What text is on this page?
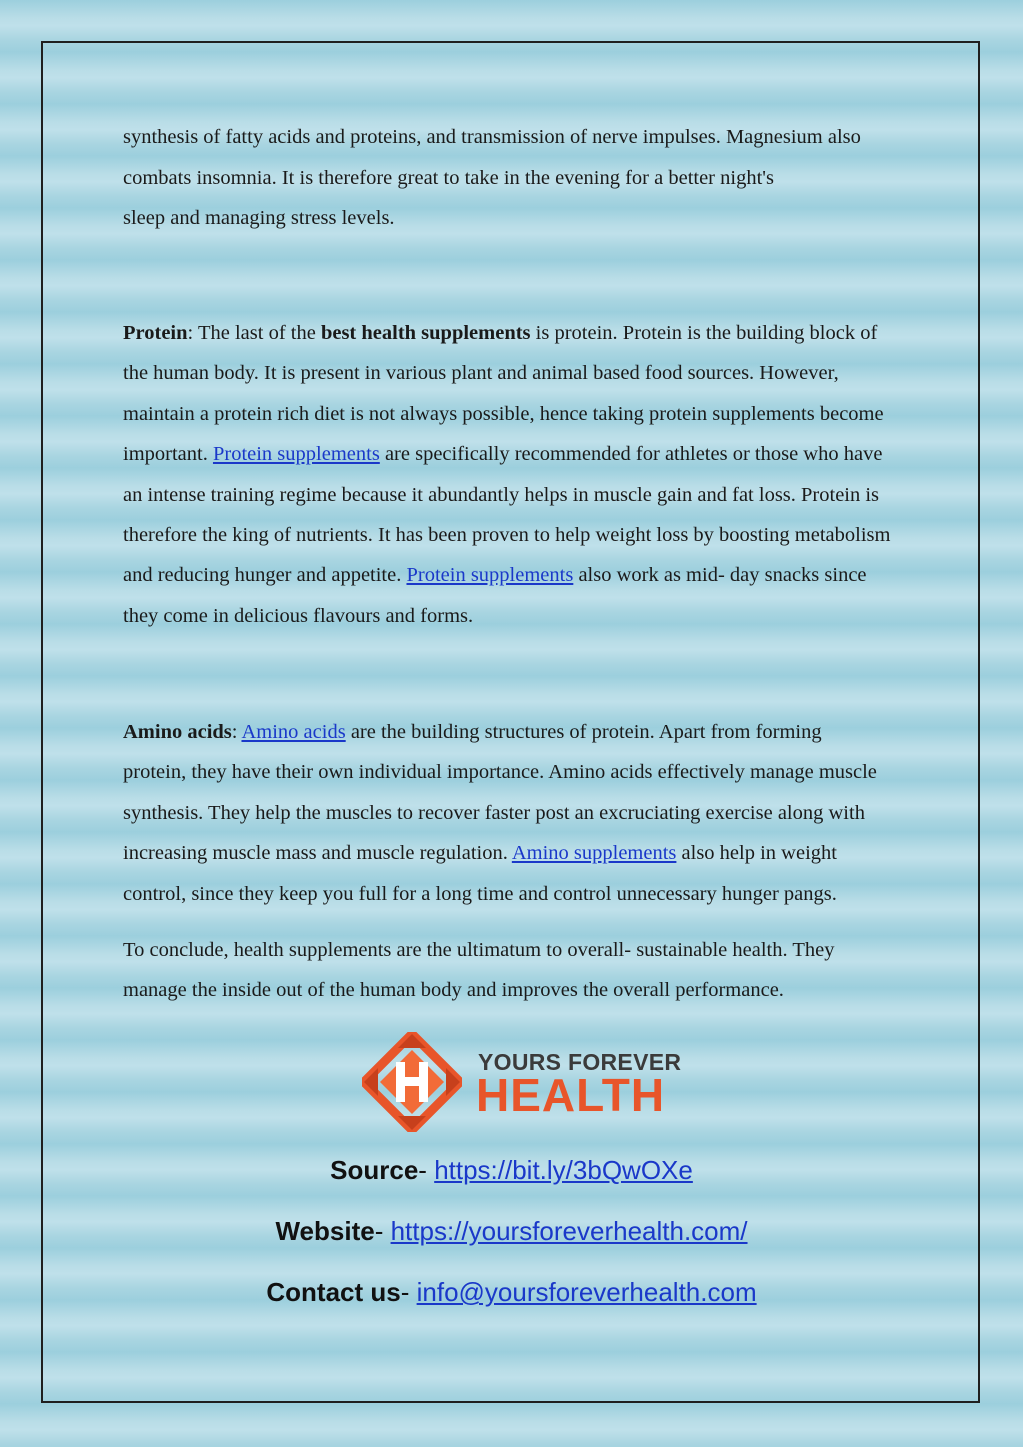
synthesis of fatty acids and proteins, and transmission of nerve impulses. Magnesium also

combats insomnia. It is therefore great to take in the evening for a better night's

sleep and managing stress levels.

Protein: The last of the best health supplements is protein. Protein is the building block of the human body. It is present in various plant and animal based food sources. However, maintain a protein rich diet is not always possible, hence taking protein supplements become important. Protein supplements are specifically recommended for athletes or those who have an intense training regime because it abundantly helps in muscle gain and fat loss. Protein is therefore the king of nutrients. It has been proven to help weight loss by boosting metabolism and reducing hunger and appetite. Protein supplements also work as mid- day snacks since they come in delicious flavours and forms.

Amino acids: Amino acids are the building structures of protein. Apart from forming protein, they have their own individual importance. Amino acids effectively manage muscle synthesis. They help the muscles to recover faster post an excruciating exercise along with increasing muscle mass and muscle regulation. Amino supplements also help in weight control, since they keep you full for a long time and control unnecessary hunger pangs.

To conclude, health supplements are the ultimatum to overall- sustainable health. They manage the inside out of the human body and improves the overall performance.

YOURS FOREVER
HEALTH
Source- https://bit.ly/3bQwOXe
Website- https://yoursforeverhealth.com/
Contact us- info@yoursforeverhealth.com
